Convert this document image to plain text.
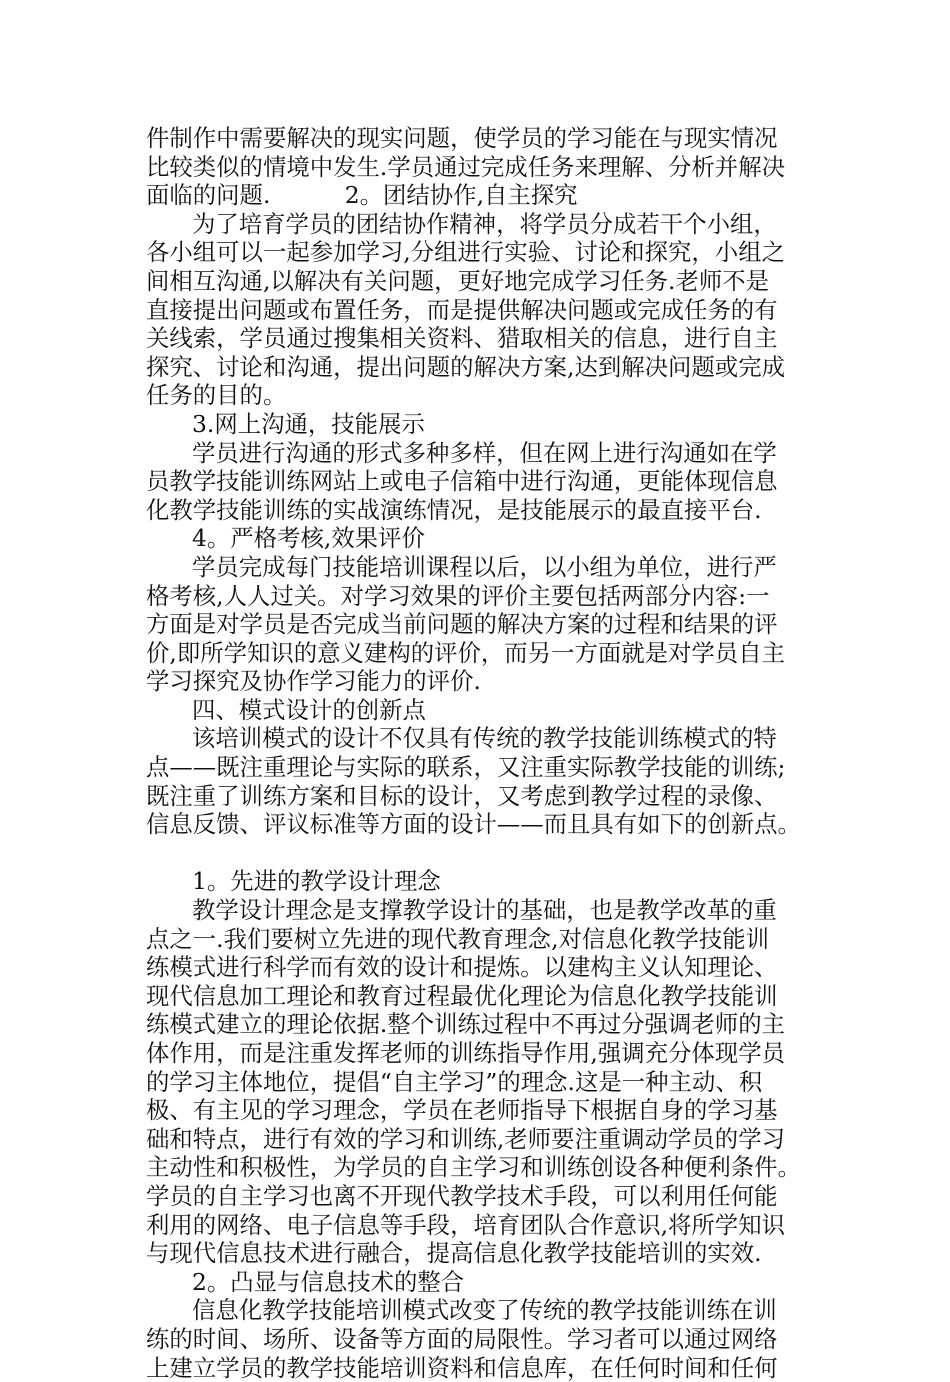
件制作中需要解决的现实问题，使学员的学习能在与现实情况
比较类似的情境中发生.学员通过完成任务来理解、分析并解决
面临的问题.          2。团结协作,自主探究
为了培育学员的团结协作精神，将学员分成若干个小组，
各小组可以一起参加学习,分组进行实验、讨论和探究，小组之
间相互沟通,以解决有关问题，更好地完成学习任务.老师不是
直接提出问题或布置任务，而是提供解决问题或完成任务的有
关线索，学员通过搜集相关资料、猎取相关的信息，进行自主
探究、讨论和沟通，提出问题的解决方案,达到解决问题或完成
任务的目的。
3.网上沟通，技能展示
学员进行沟通的形式多种多样，但在网上进行沟通如在学
员教学技能训练网站上或电子信箱中进行沟通，更能体现信息
化教学技能训练的实战演练情况，是技能展示的最直接平台.
4。严格考核,效果评价
学员完成每门技能培训课程以后，以小组为单位，进行严
格考核,人人过关。对学习效果的评价主要包括两部分内容:一
方面是对学员是否完成当前问题的解决方案的过程和结果的评
价,即所学知识的意义建构的评价，而另一方面就是对学员自主
学习探究及协作学习能力的评价.
四、模式设计的创新点
该培训模式的设计不仅具有传统的教学技能训练模式的特
点——既注重理论与实际的联系，又注重实际教学技能的训练;
既注重了训练方案和目标的设计，又考虑到教学过程的录像、
信息反馈、评议标准等方面的设计——而且具有如下的创新点。
1。先进的教学设计理念
教学设计理念是支撑教学设计的基础，也是教学改革的重
点之一.我们要树立先进的现代教育理念,对信息化教学技能训
练模式进行科学而有效的设计和提炼。以建构主义认知理论、
现代信息加工理论和教育过程最优化理论为信息化教学技能训
练模式建立的理论依据.整个训练过程中不再过分强调老师的主
体作用，而是注重发挥老师的训练指导作用,强调充分体现学员
的学习主体地位，提倡“自主学习”的理念.这是一种主动、积
极、有主见的学习理念，学员在老师指导下根据自身的学习基
础和特点，进行有效的学习和训练,老师要注重调动学员的学习
主动性和积极性，为学员的自主学习和训练创设各种便利条件。
学员的自主学习也离不开现代教学技术手段，可以利用任何能
利用的网络、电子信息等手段，培育团队合作意识,将所学知识
与现代信息技术进行融合，提高信息化教学技能培训的实效.
2。凸显与信息技术的整合
信息化教学技能培训模式改变了传统的教学技能训练在训
练的时间、场所、设备等方面的局限性。学习者可以通过网络
上建立学员的教学技能培训资料和信息库，在任何时间和任何
